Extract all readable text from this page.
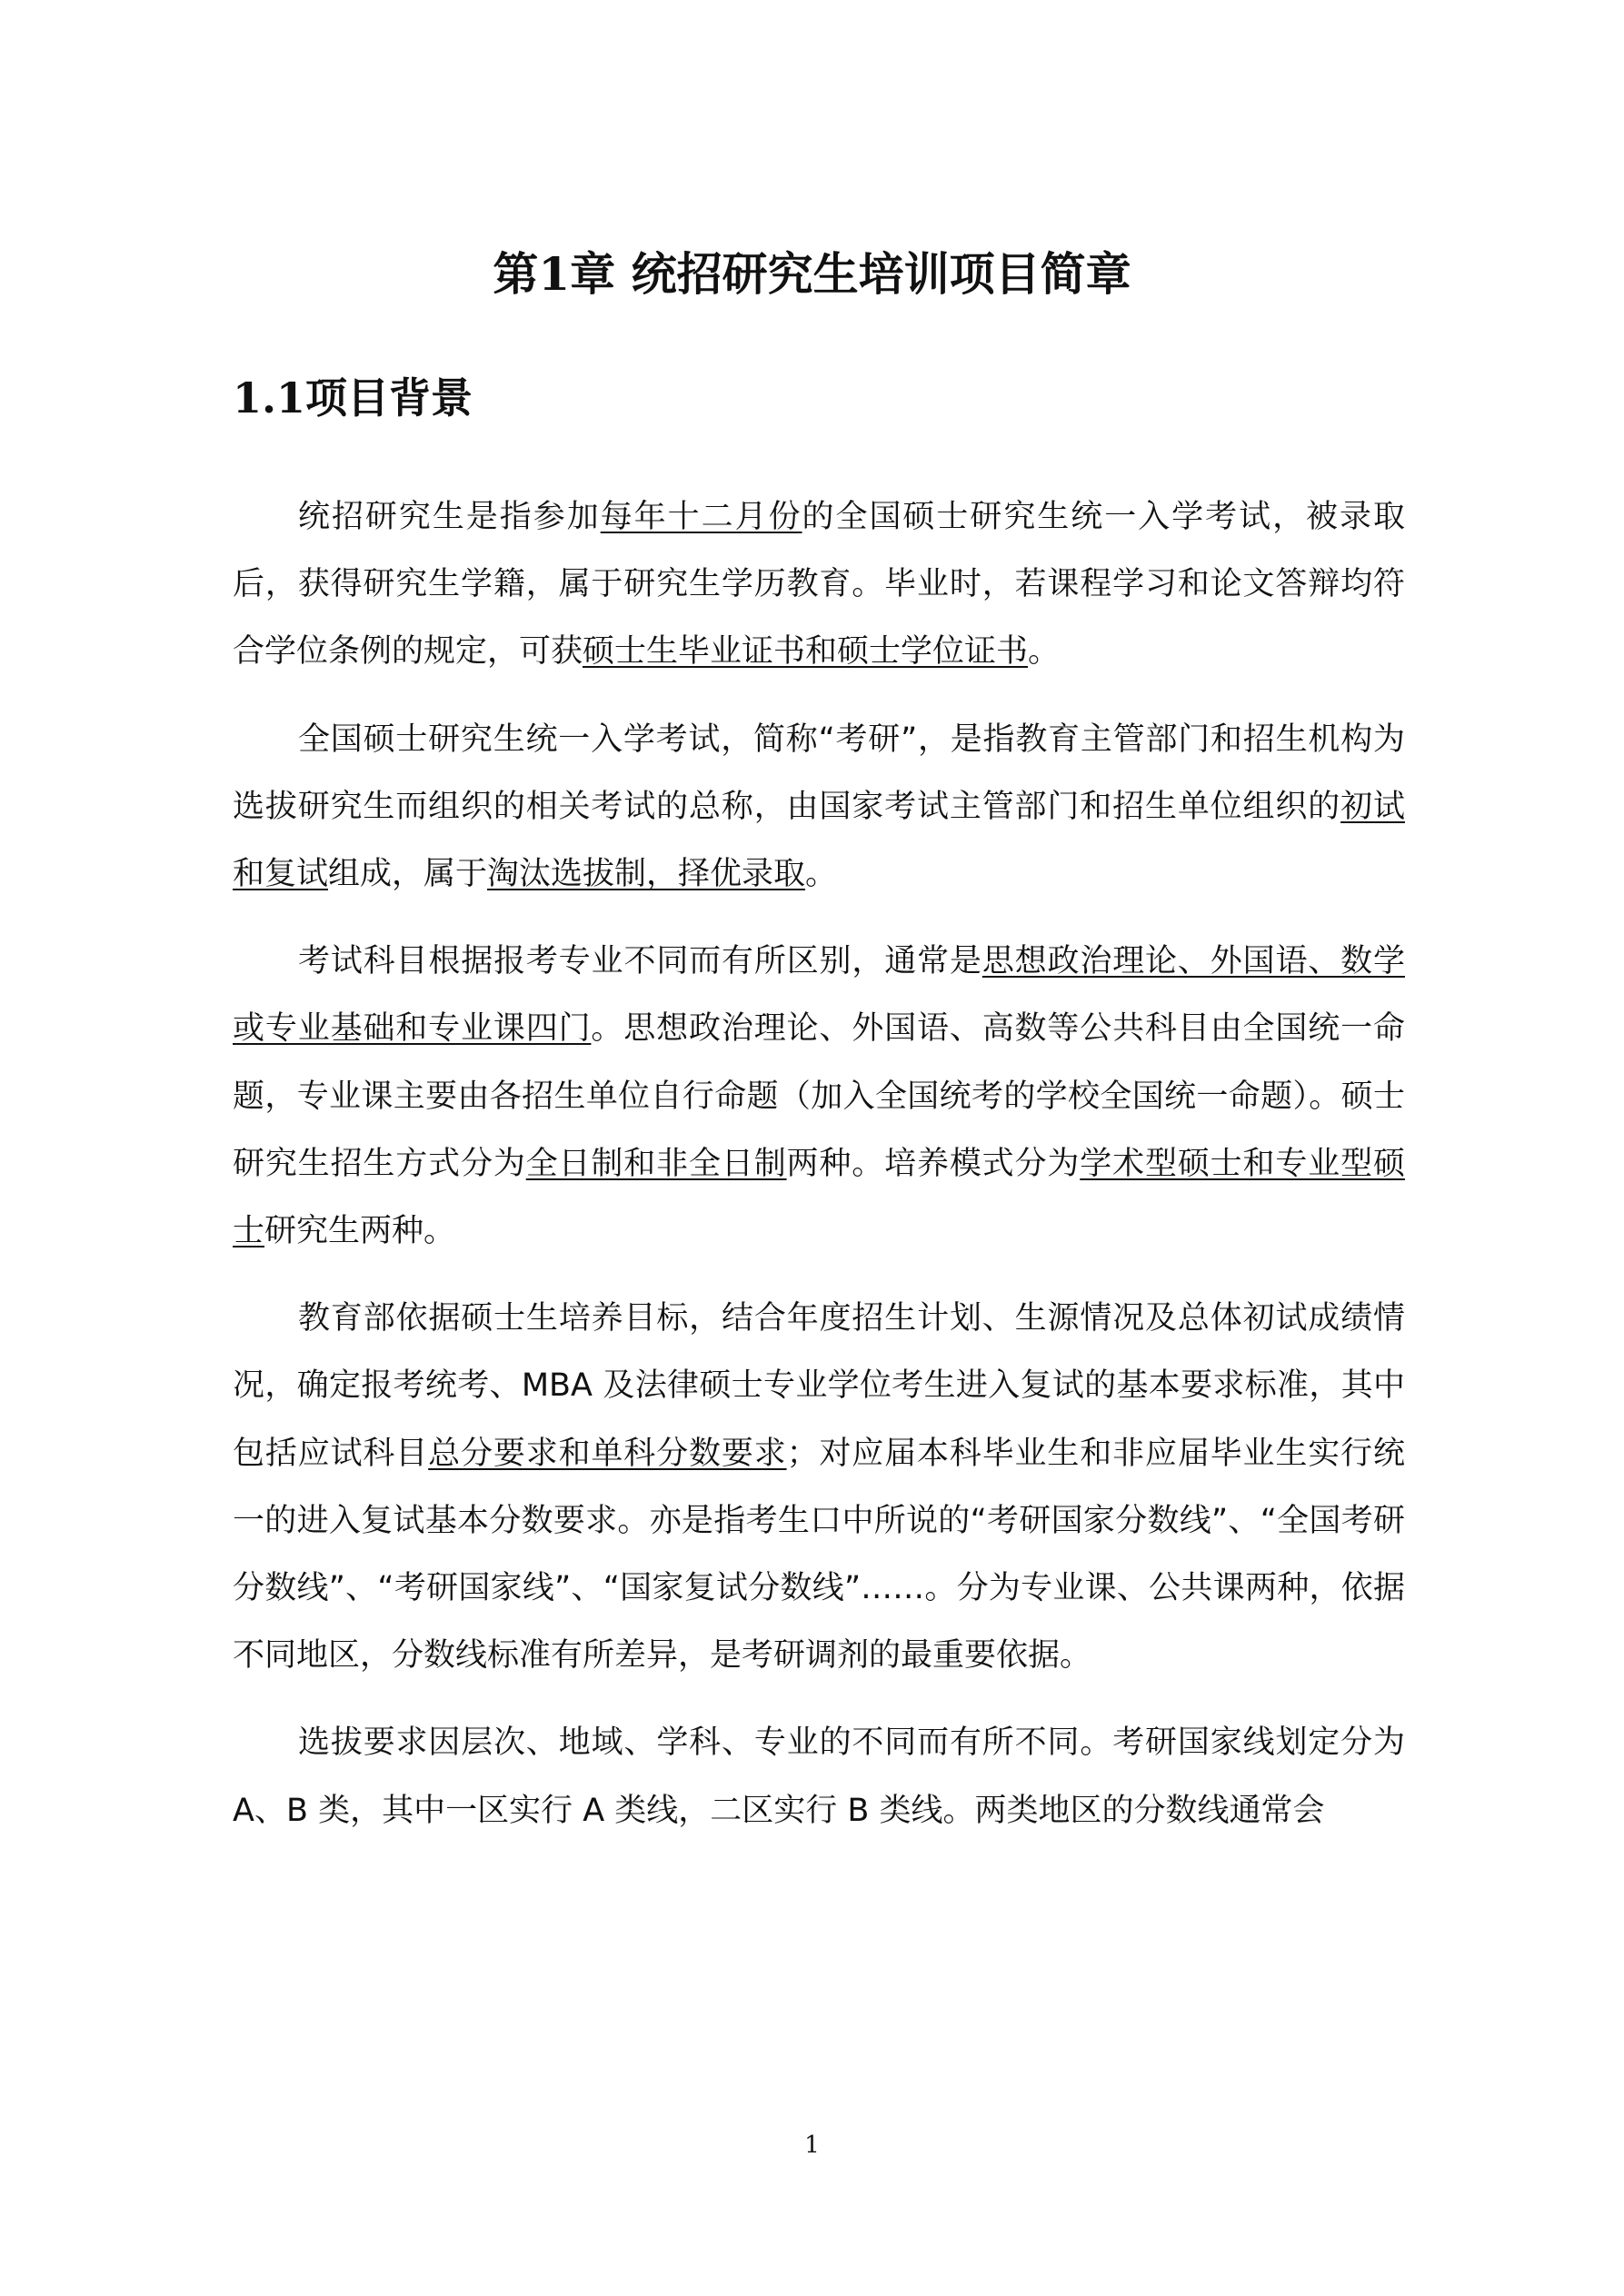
第1章 统招研究生培训项目简章
1.1项目背景

统招研究生是指参加每年十二月份的全国硕士研究生统一入学考试，被录取后，获得研究生学籍，属于研究生学历教育。毕业时，若课程学习和论文答辩均符合学位条例的规定，可获硕士生毕业证书和硕士学位证书。

全国硕士研究生统一入学考试，简称“考研”，是指教育主管部门和招生机构为选拔研究生而组织的相关考试的总称，由国家考试主管部门和招生单位组织的初试和复试组成，属于淘汰选拔制，择优录取。

考试科目根据报考专业不同而有所区别，通常是思想政治理论、外国语、数学或专业基础和专业课四门。思想政治理论、外国语、高数等公共科目由全国统一命题，专业课主要由各招生单位自行命题（加入全国统考的学校全国统一命题）。硕士研究生招生方式分为全日制和非全日制两种。培养模式分为学术型硕士和专业型硕士研究生两种。

教育部依据硕士生培养目标，结合年度招生计划、生源情况及总体初试成绩情况，确定报考统考、MBA 及法律硕士专业学位考生进入复试的基本要求标准，其中包括应试科目总分要求和单科分数要求；对应届本科毕业生和非应届毕业生实行统一的进入复试基本分数要求。亦是指考生口中所说的“考研国家分数线”、“全国考研分数线”、“考研国家线”、“国家复试分数线”……。分为专业课、公共课两种，依据不同地区，分数线标准有所差异，是考研调剂的最重要依据。

选拔要求因层次、地域、学科、专业的不同而有所不同。考研国家线划定分为 A、B 类，其中一区实行 A 类线，二区实行 B 类线。两类地区的分数线通常会

1
